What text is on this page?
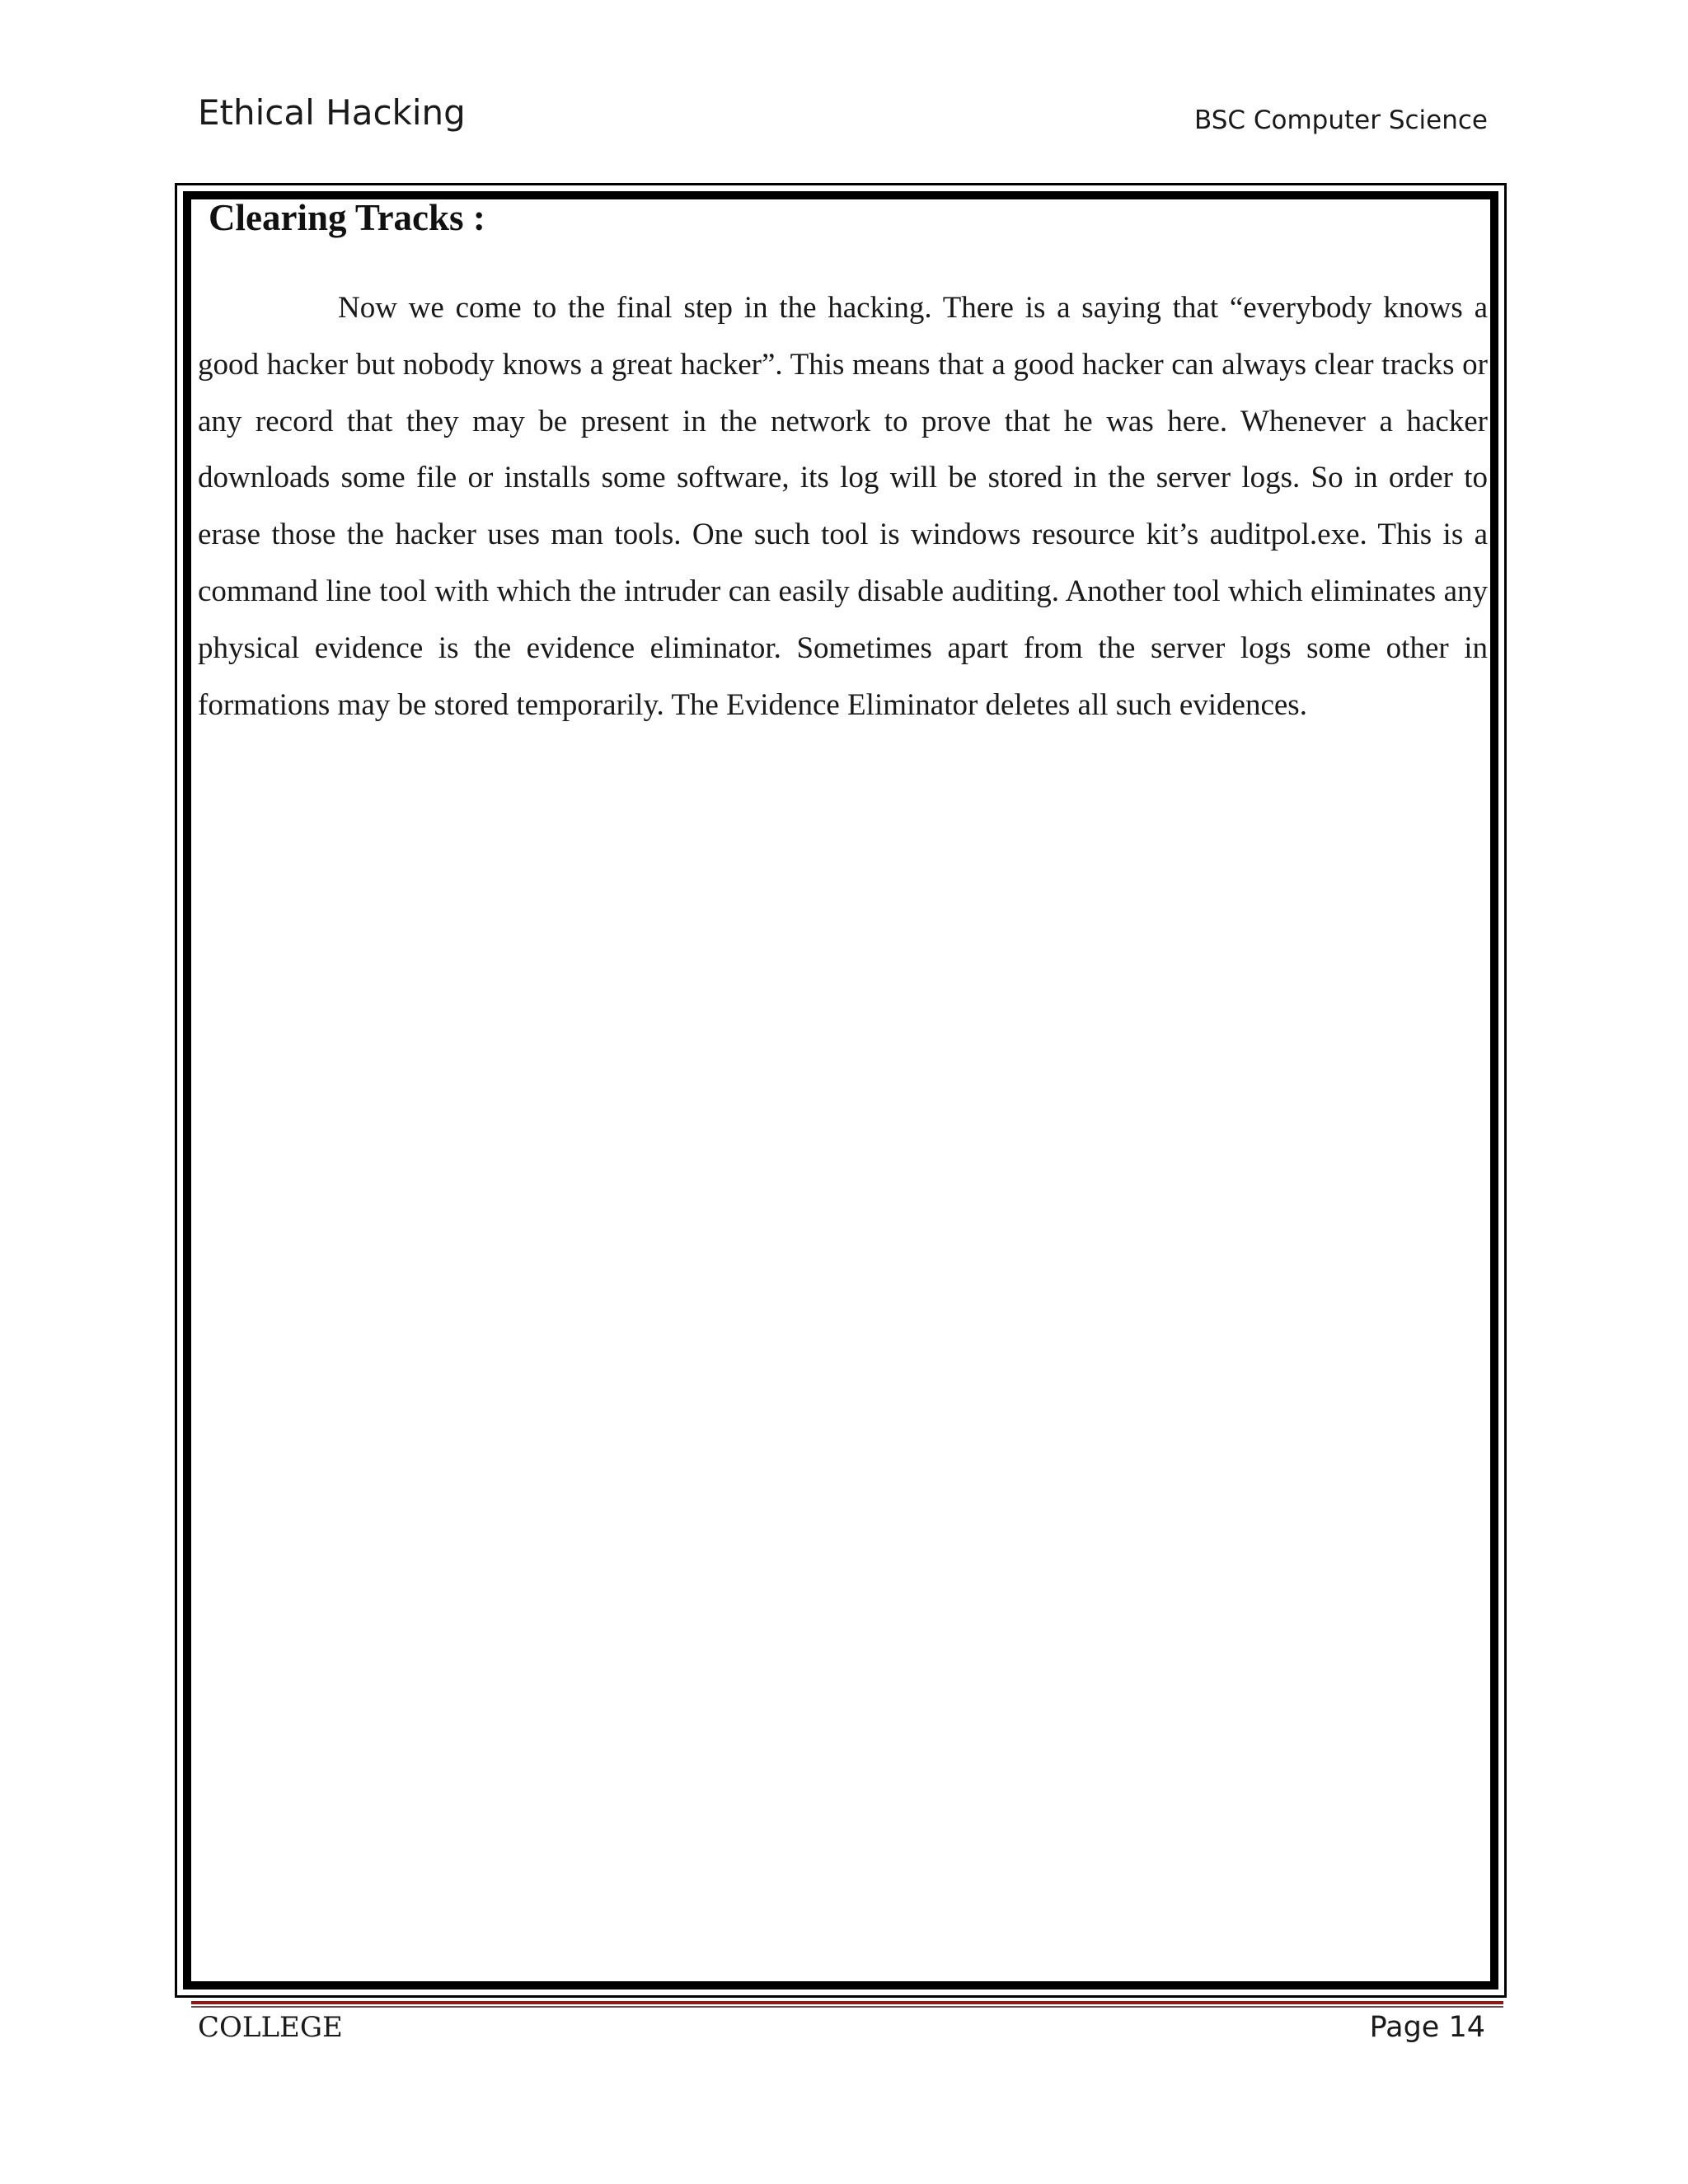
Ethical Hacking	BSC Computer Science
Clearing Tracks :

Now we come to the final step in the hacking. There is a saying that “everybody knows a good hacker but nobody knows a great hacker”. This means that a good hacker can always clear tracks or any record that they may be present in the network to prove that he was here. Whenever a hacker downloads some file or installs some software, its log will be stored in the server logs. So in order to erase those the hacker uses man tools. One such tool is windows resource kit’s auditpol.exe. This is a command line tool with which the intruder can easily disable auditing. Another tool which eliminates any physical evidence is the evidence eliminator. Sometimes apart from the server logs some other in formations may be stored temporarily. The Evidence Eliminator deletes all such evidences.

COLLEGE	Page 14
